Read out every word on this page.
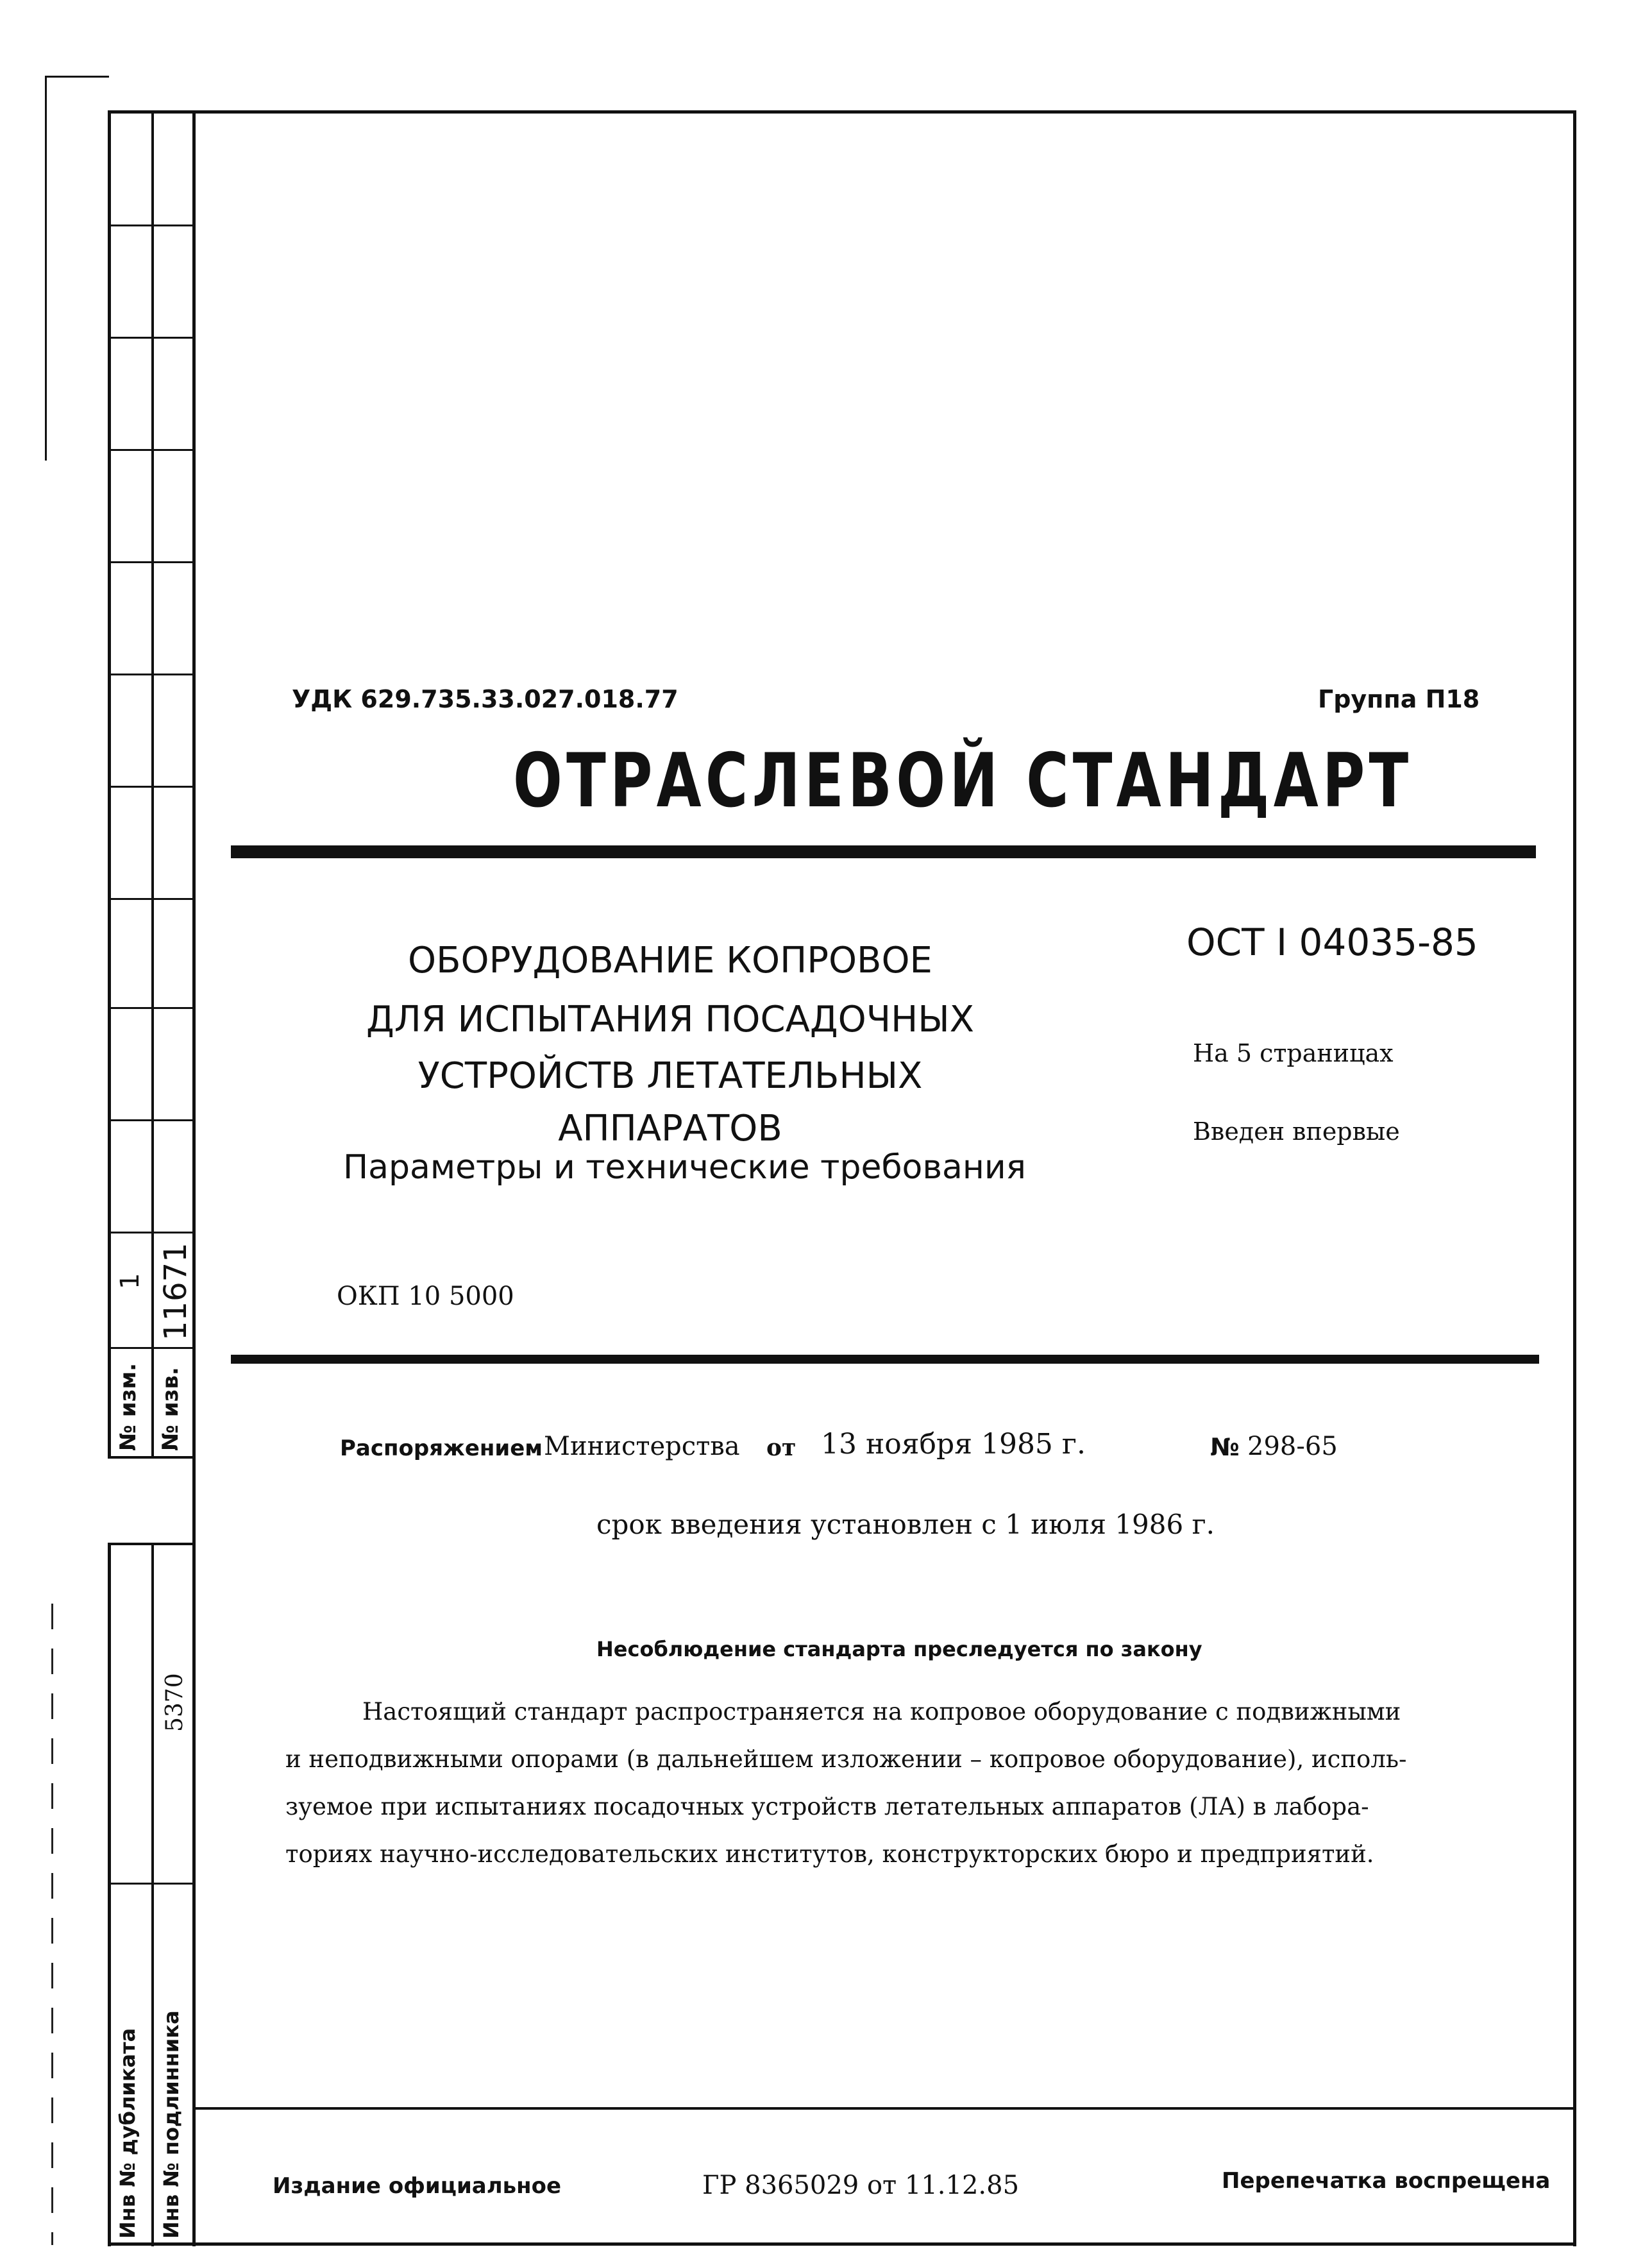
1 11671
№ изм. № изв.
5370
Инв № дубликата Инв № подлинника
УДК 629.735.33.027.018.77	Группа П18
ОТРАСЛЕВОЙ СТАНДАРТ
ОБОРУДОВАНИЕ КОПРОВОЕ
ДЛЯ ИСПЫТАНИЯ ПОСАДОЧНЫХ
УСТРОЙСТВ ЛЕТАТЕЛЬНЫХ
АППАРАТОВ
Параметры и технические требования
ОСТ I 04035-85
На 5 страницах
Введен впервые
ОКП 10 5000
Распоряжением Министерства от 13 ноября 1985 г.	№ 298-65
срок введения установлен с 1 июля 1986 г.
Несоблюдение стандарта преследуется по закону
Настоящий стандарт распространяется на копровое оборудование с подвижными
и неподвижными опорами (в дальнейшем изложении – копровое оборудование), исполь-
зуемое при испытаниях посадочных устройств летательных аппаратов (ЛА) в лабора-
ториях научно-исследовательских институтов, конструкторских бюро и предприятий.
Издание официальное	ГР 8365029 от 11.12.85	Перепечатка воспрещена
